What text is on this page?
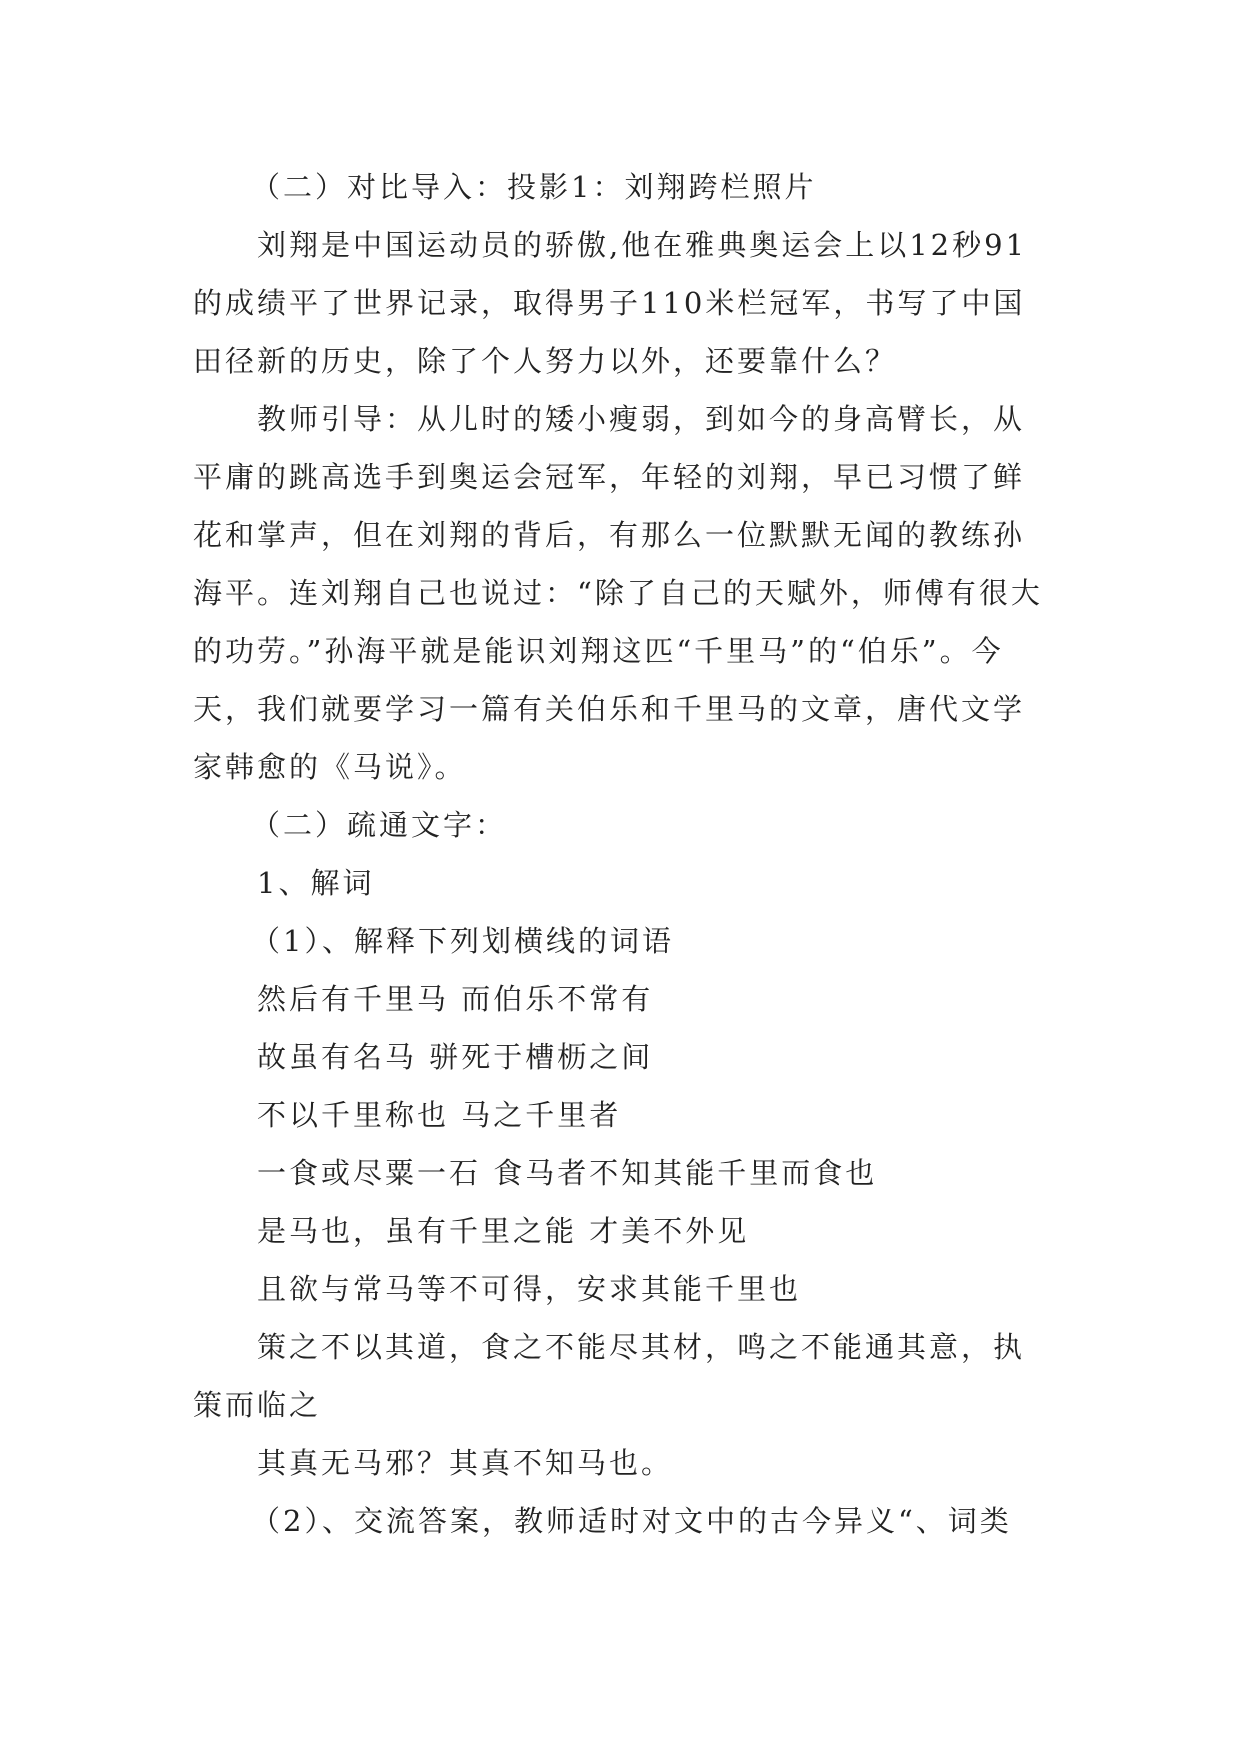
（二）对比导入：投影1：刘翔跨栏照片

刘翔是中国运动员的骄傲,他在雅典奥运会上以12秒91的成绩平了世界记录，取得男子110米栏冠军，书写了中国田径新的历史，除了个人努力以外，还要靠什么？

教师引导：从儿时的矮小瘦弱，到如今的身高臂长，从平庸的跳高选手到奥运会冠军，年轻的刘翔，早已习惯了鲜花和掌声，但在刘翔的背后，有那么一位默默无闻的教练孙海平。连刘翔自己也说过：“除了自己的天赋外，师傅有很大的功劳。”孙海平就是能识刘翔这匹“千里马”的“伯乐”。今天，我们就要学习一篇有关伯乐和千里马的文章，唐代文学家韩愈的《马说》。

（二）疏通文字：

1、解词

（1）、解释下列划横线的词语

然后有千里马 而伯乐不常有

故虽有名马 骈死于槽枥之间

不以千里称也 马之千里者

一食或尽粟一石 食马者不知其能千里而食也

是马也，虽有千里之能 才美不外见

且欲与常马等不可得，安求其能千里也

策之不以其道，食之不能尽其材，鸣之不能通其意，执策而临之

其真无马邪？其真不知马也。

（2）、交流答案，教师适时对文中的古今异义“、词类
